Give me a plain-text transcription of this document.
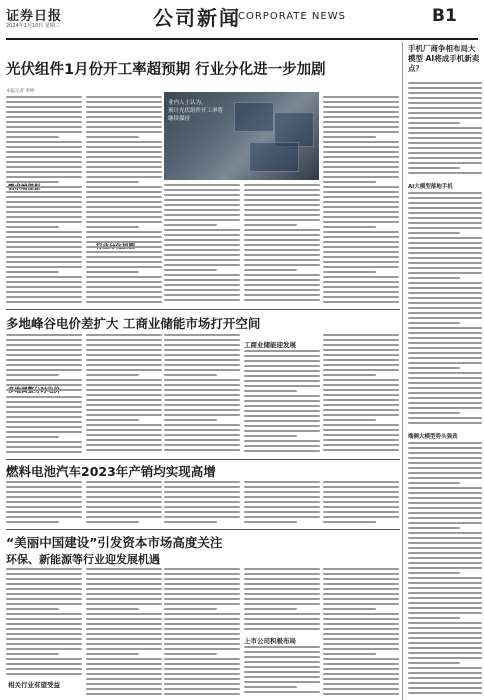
证券日报
2024年1月10日 星期三	公司新闻
CORPORATE NEWS	B1
光伏组件1月份开工率超预期 行业分化进一步加剧
本报记者 李婷
业内人士认为，
预计光伏组件开工率将
继续保持
多地峰谷电价差扩大 工商业储能市场打开空间
工商业储能迎发展
燃料电池汽车2023年产销均实现高增
“美丽中国建设”引发资本市场高度关注
环保、新能源等行业迎发展机遇
相关行业有望受益
上市公司积极布局
手机厂商争相布局大模型 AI将成手机新卖点？
AI大模型落地手机
端侧大模型势头强劲
